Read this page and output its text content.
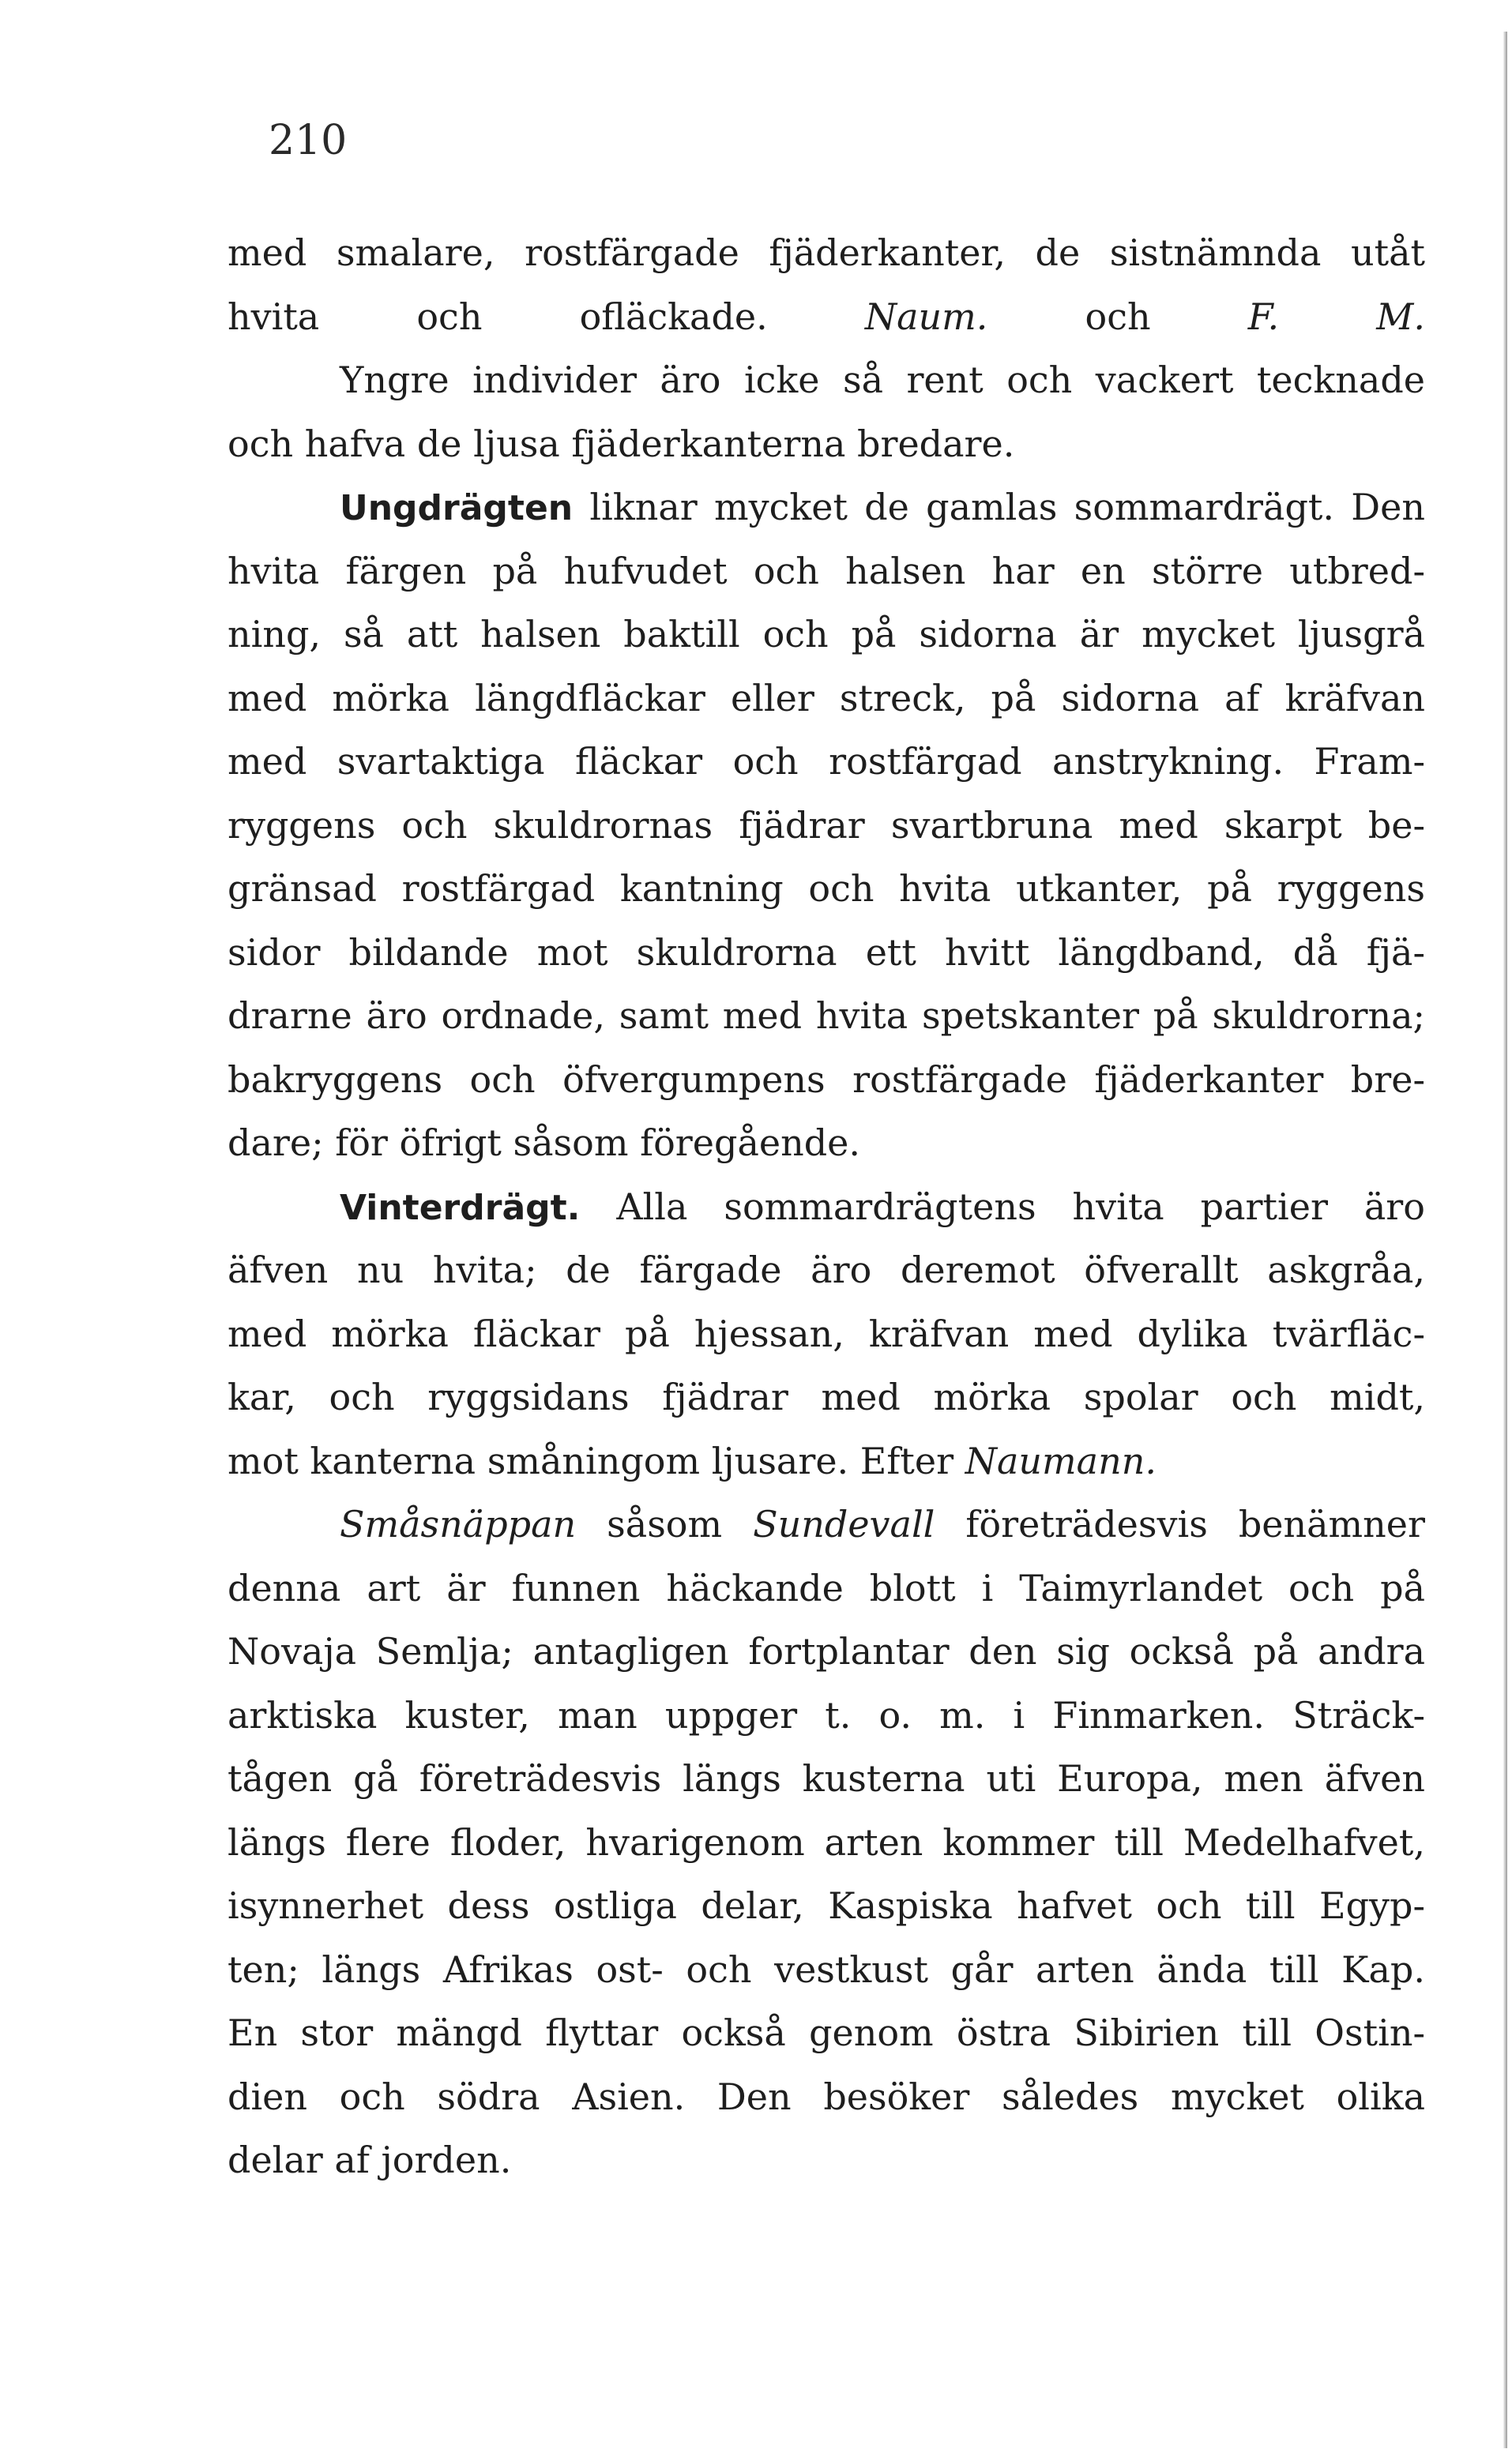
210
med smalare, rostfärgade fjäderkanter, de sistnämnda utåt
hvita och ofläckade. Naum. och F. M.
Yngre individer äro icke så rent och vackert tecknade
och hafva de ljusa fjäderkanterna bredare.
Ungdrägten liknar mycket de gamlas sommardrägt. Den
hvita färgen på hufvudet och halsen har en större utbred-
ning, så att halsen baktill och på sidorna är mycket ljusgrå
med mörka längdfläckar eller streck, på sidorna af kräfvan
med svartaktiga fläckar och rostfärgad anstrykning. Fram-
ryggens och skuldrornas fjädrar svartbruna med skarpt be-
gränsad rostfärgad kantning och hvita utkanter, på ryggens
sidor bildande mot skuldrorna ett hvitt längdband, då fjä-
drarne äro ordnade, samt med hvita spetskanter på skuldrorna;
bakryggens och öfvergumpens rostfärgade fjäderkanter bre-
dare; för öfrigt såsom föregående.
Vinterdrägt. Alla sommardrägtens hvita partier äro
äfven nu hvita; de färgade äro deremot öfverallt askgråa,
med mörka fläckar på hjessan, kräfvan med dylika tvärfläc-
kar, och ryggsidans fjädrar med mörka spolar och midt,
mot kanterna småningom ljusare. Efter Naumann.
Småsnäppan såsom Sundevall företrädesvis benämner
denna art är funnen häckande blott i Taimyrlandet och på
Novaja Semlja; antagligen fortplantar den sig också på andra
arktiska kuster, man uppger t. o. m. i Finmarken. Sträck-
tågen gå företrädesvis längs kusterna uti Europa, men äfven
längs flere floder, hvarigenom arten kommer till Medelhafvet,
isynnerhet dess ostliga delar, Kaspiska hafvet och till Egyp-
ten; längs Afrikas ost- och vestkust går arten ända till Kap.
En stor mängd flyttar också genom östra Sibirien till Ostin-
dien och södra Asien. Den besöker således mycket olika
delar af jorden.
